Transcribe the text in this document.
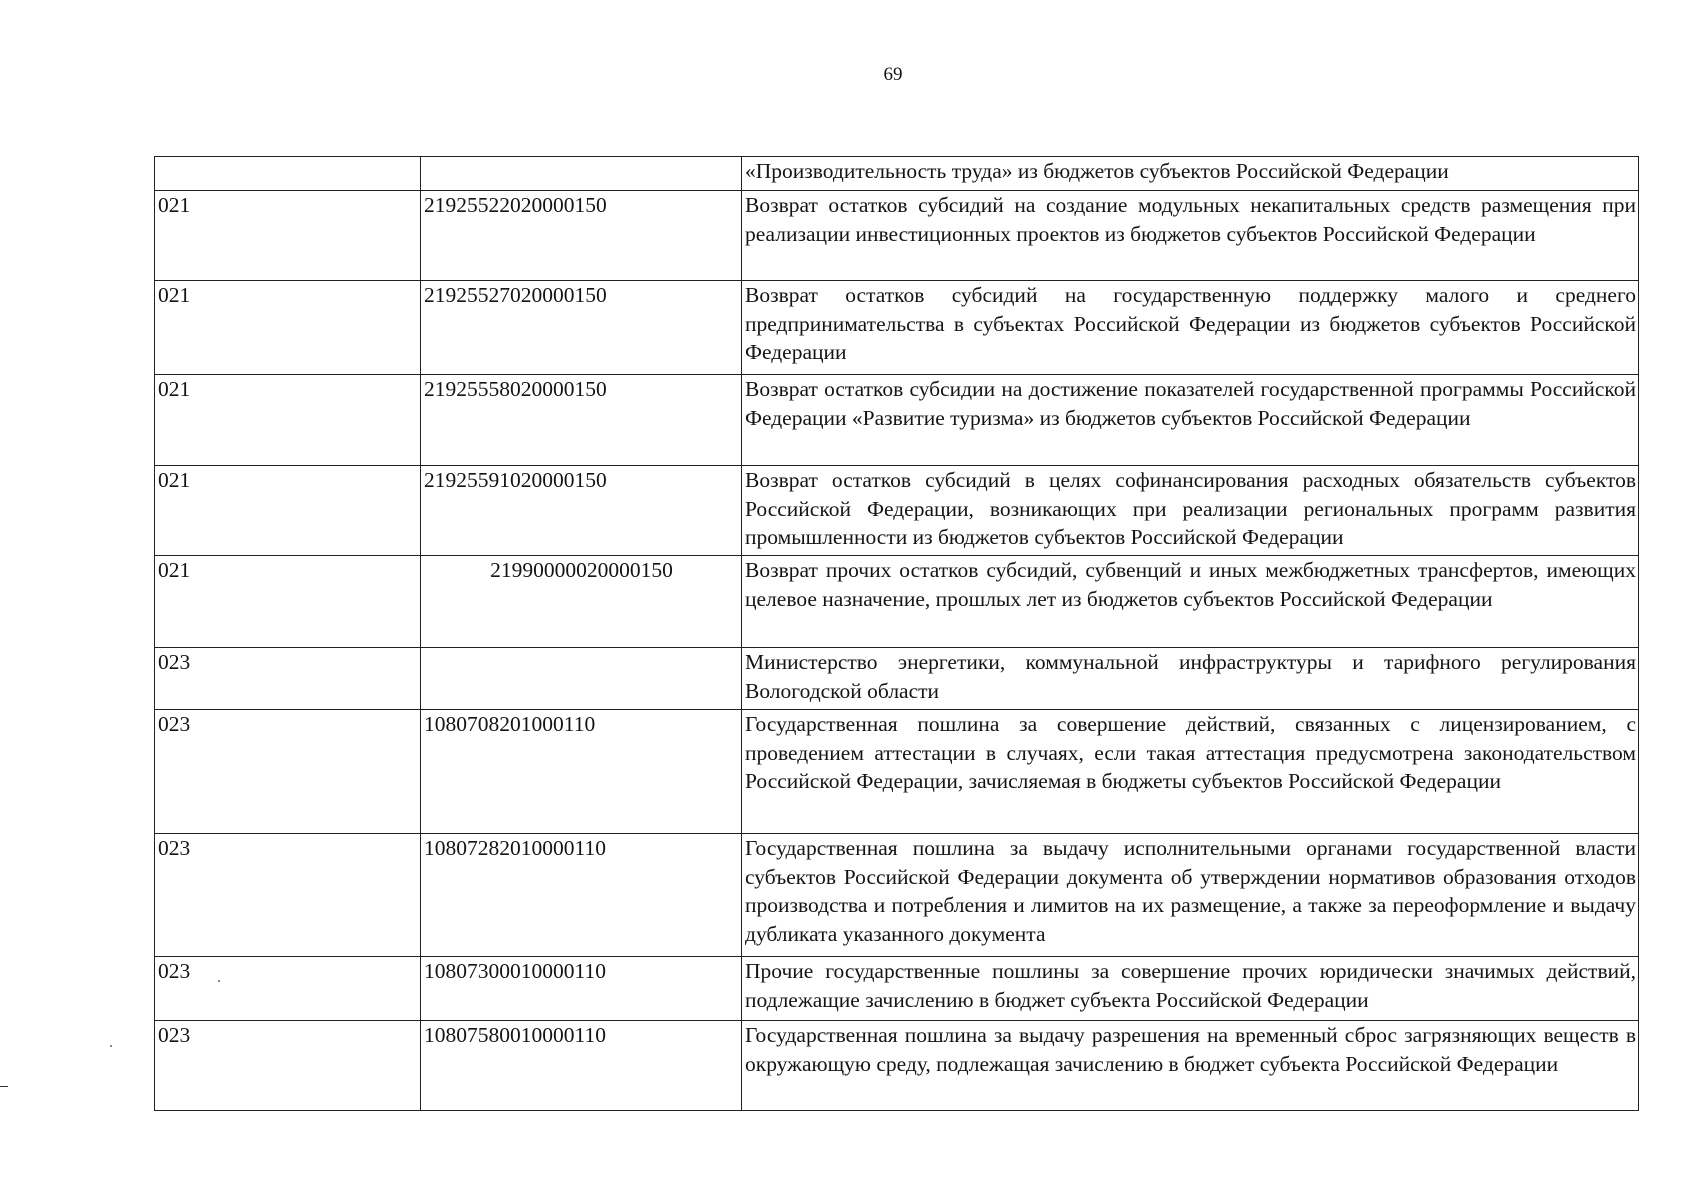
69
		«Производительность труда» из бюджетов субъектов Российской Федерации
021	21925522020000150	Возврат остатков субсидий на создание модульных некапитальных средств размещения при реализации инвестиционных проектов из бюджетов субъектов Российской Федерации
021	21925527020000150	Возврат остатков субсидий на государственную поддержку малого и среднего предпринимательства в субъектах Российской Федерации из бюджетов субъектов Российской Федерации
021	21925558020000150	Возврат остатков субсидии на достижение показателей государственной программы Российской Федерации «Развитие туризма» из бюджетов субъектов Российской Федерации
021	21925591020000150	Возврат остатков субсидий в целях софинансирования расходных обязательств субъектов Российской Федерации, возникающих при реализации региональных программ развития промышленности из бюджетов субъектов Российской Федерации
021	21990000020000150	Возврат прочих остатков субсидий, субвенций и иных межбюджетных трансфертов, имеющих целевое назначение, прошлых лет из бюджетов субъектов Российской Федерации
023		Министерство энергетики, коммунальной инфраструктуры и тарифного регулирования Вологодской области
023	1080708201000110	Государственная пошлина за совершение действий, связанных с лицензированием, с проведением аттестации в случаях, если такая аттестация предусмотрена законодательством Российской Федерации, зачисляемая в бюджеты субъектов Российской Федерации
023	10807282010000110	Государственная пошлина за выдачу исполнительными органами государственной власти субъектов Российской Федерации документа об утверждении нормативов образования отходов производства и потребления и лимитов на их размещение, а также за переоформление и выдачу дубликата указанного документа
023	10807300010000110	Прочие государственные пошлины за совершение прочих юридически значимых действий, подлежащие зачислению в бюджет субъекта Российской Федерации
023	10807580010000110	Государственная пошлина за выдачу разрешения на временный сброс загрязняющих веществ в окружающую среду, подлежащая зачислению в бюджет субъекта Российской Федерации
